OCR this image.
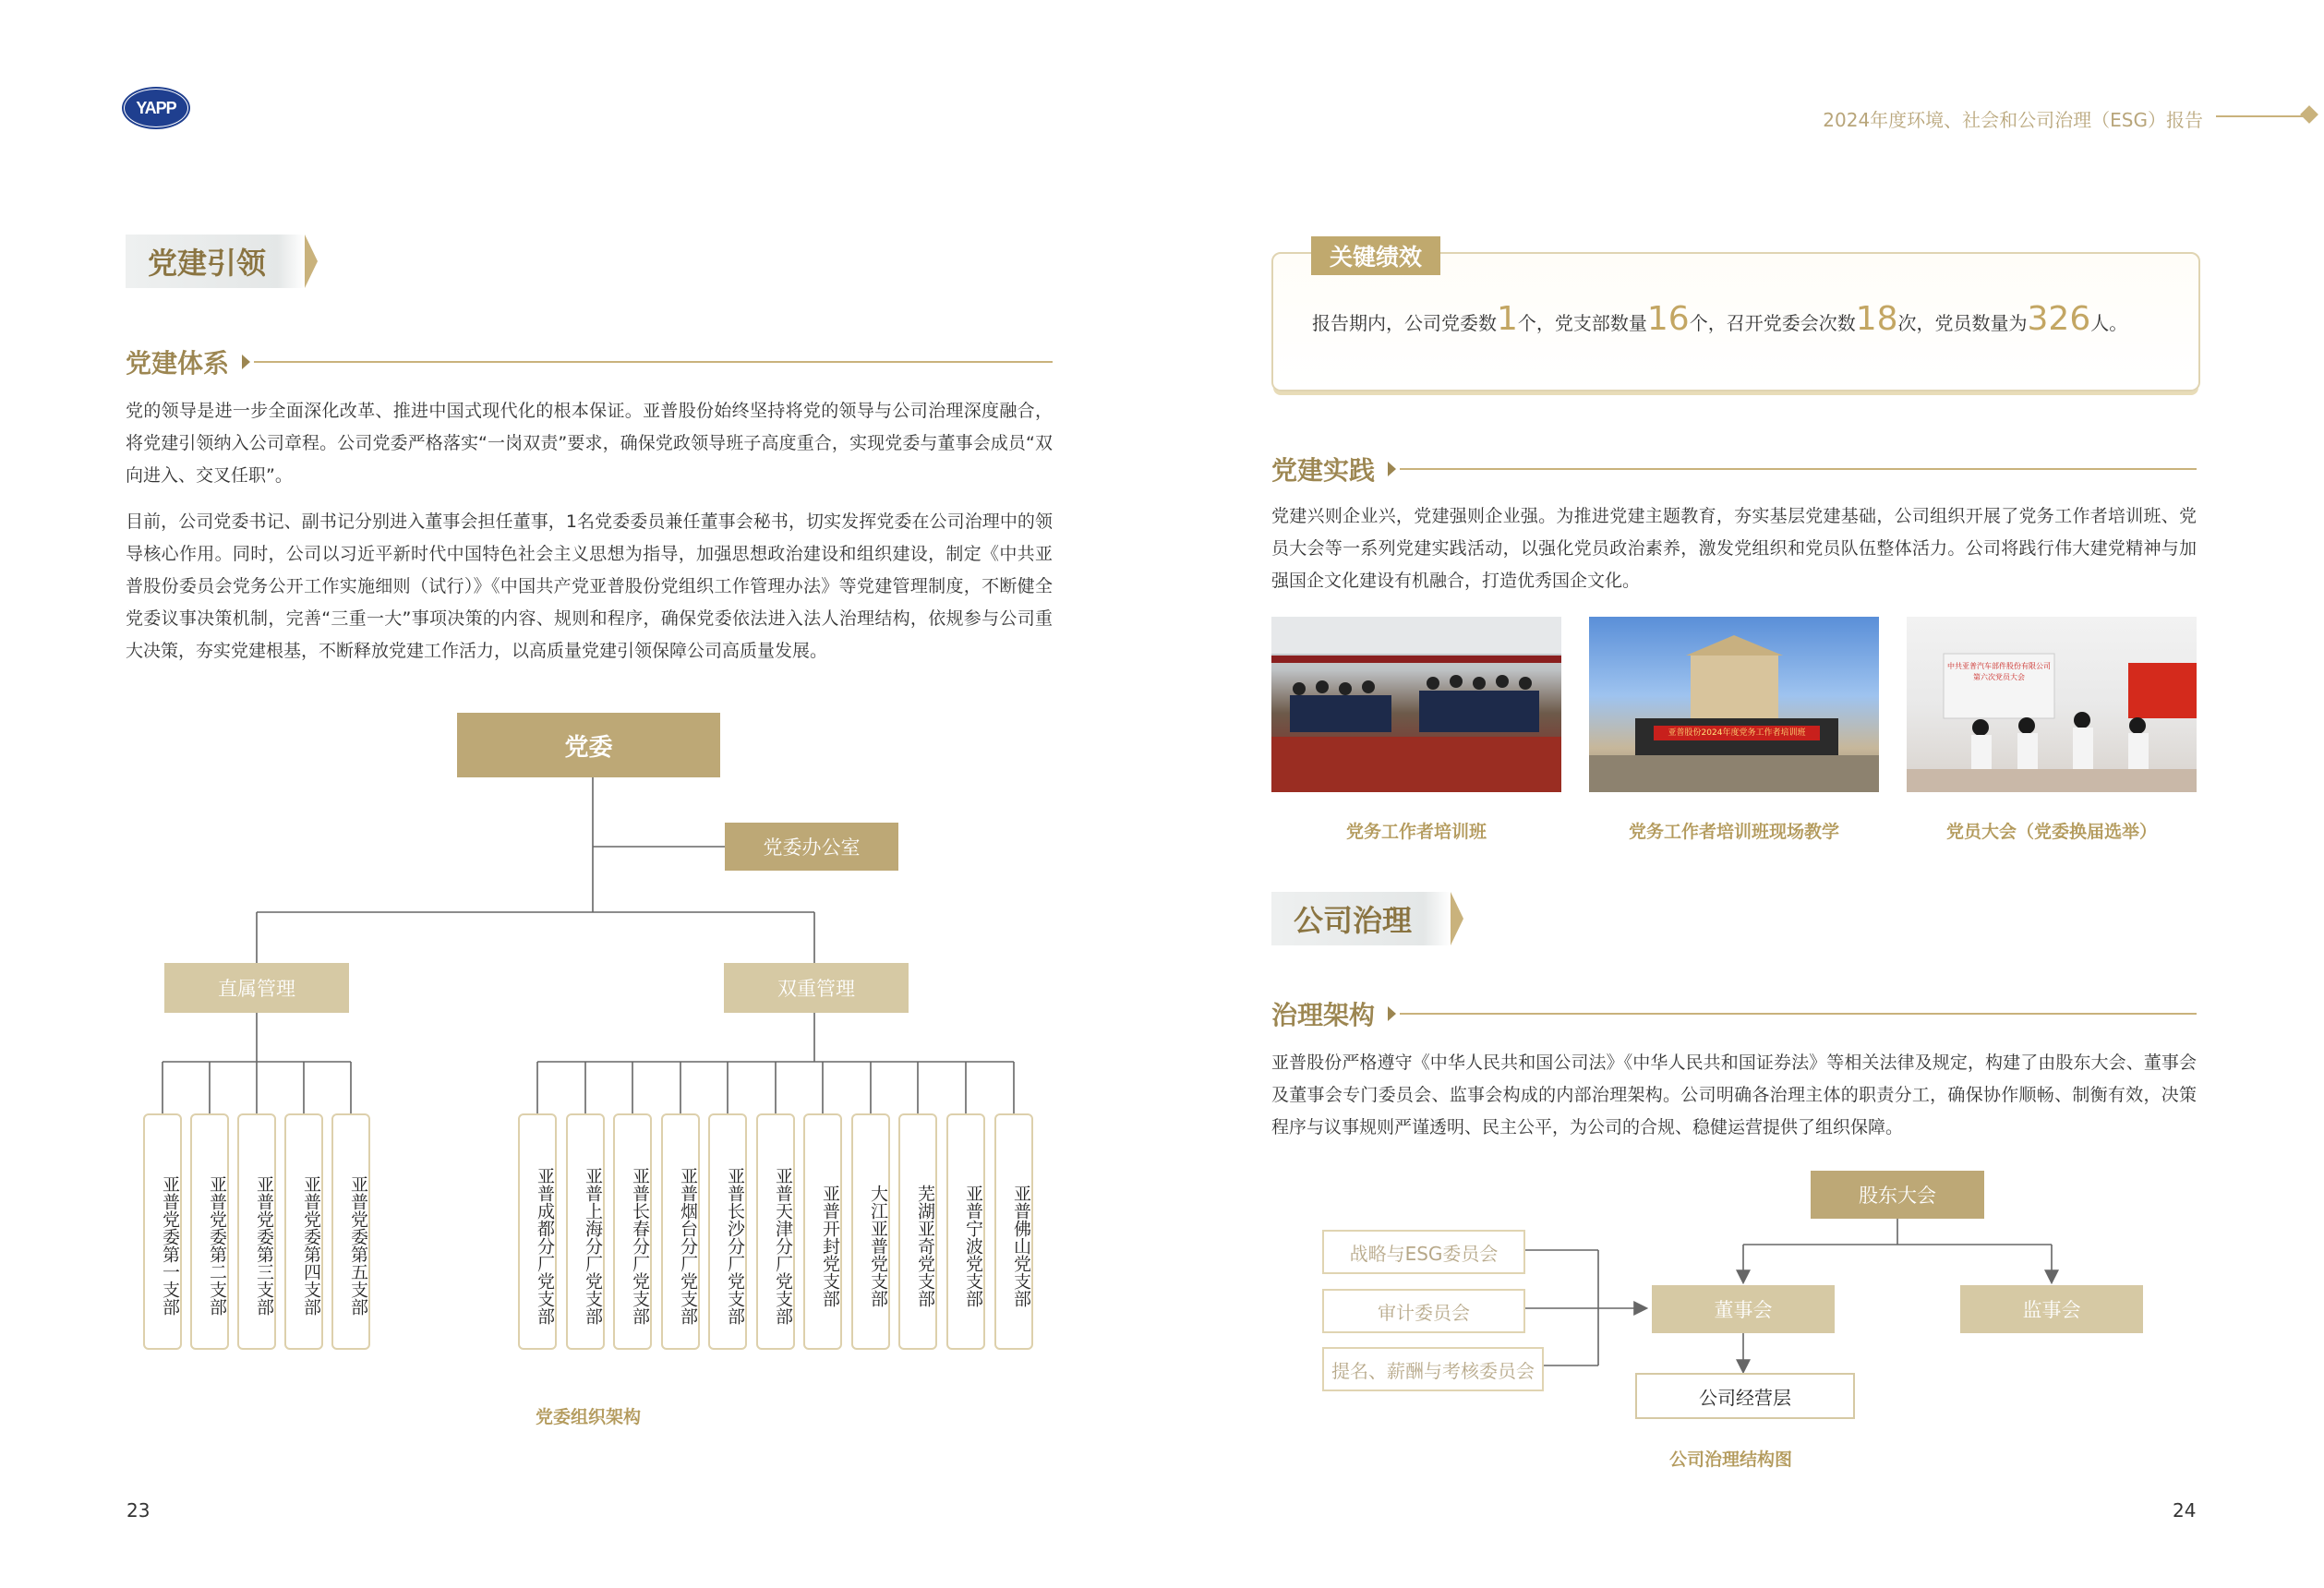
YAPP
2024年度环境、社会和公司治理（ESG）报告
党建引领
党建体系
党的领导是进一步全面深化改革、推进中国式现代化的根本保证。亚普股份始终坚持将党的领导与公司治理深度融合，将党建引领纳入公司章程。公司党委严格落实“一岗双责”要求，确保党政领导班子高度重合，实现党委与董事会成员“双向进入、交叉任职”。
目前，公司党委书记、副书记分别进入董事会担任董事，1名党委委员兼任董事会秘书，切实发挥党委在公司治理中的领导核心作用。同时，公司以习近平新时代中国特色社会主义思想为指导，加强思想政治建设和组织建设，制定《中共亚普股份委员会党务公开工作实施细则（试行）》《中国共产党亚普股份党组织工作管理办法》等党建管理制度，不断健全党委议事决策机制，完善“三重一大”事项决策的内容、规则和程序，确保党委依法进入法人治理结构，依规参与公司重大决策，夯实党建根基，不断释放党建工作活力，以高质量党建引领保障公司高质量发展。
党委
党委办公室
直属管理	双重管理
亚普党委第一支部	亚普党委第二支部	亚普党委第三支部	亚普党委第四支部	亚普党委第五支部	亚普成都分厂党支部	亚普上海分厂党支部	亚普长春分厂党支部	亚普烟台分厂党支部	亚普长沙分厂党支部	亚普天津分厂党支部	亚普开封党支部	大江亚普党支部	芜湖亚奇党支部	亚普宁波党支部	亚普佛山党支部
党委组织架构
23
报告期内，公司党委数1个，党支部数量16个，召开党委会次数18次，党员数量为326人。
关键绩效
党建实践
党建兴则企业兴，党建强则企业强。为推进党建主题教育，夯实基层党建基础，公司组织开展了党务工作者培训班、党员大会等一系列党建实践活动，以强化党员政治素养，激发党组织和党员队伍整体活力。公司将践行伟大建党精神与加强国企文化建设有机融合，打造优秀国企文化。
亚普股份2024年度党务工作者培训班
中共亚普汽车部件股份有限公司第六次党员大会
党务工作者培训班	党务工作者培训班现场教学	党员大会（党委换届选举）
公司治理
治理架构
亚普股份严格遵守《中华人民共和国公司法》《中华人民共和国证券法》等相关法律及规定，构建了由股东大会、董事会及董事会专门委员会、监事会构成的内部治理架构。公司明确各治理主体的职责分工，确保协作顺畅、制衡有效，决策程序与议事规则严谨透明、民主公平，为公司的合规、稳健运营提供了组织保障。
股东大会
董事会	监事会
公司经营层
战略与ESG委员会
审计委员会
提名、薪酬与考核委员会
公司治理结构图
24
